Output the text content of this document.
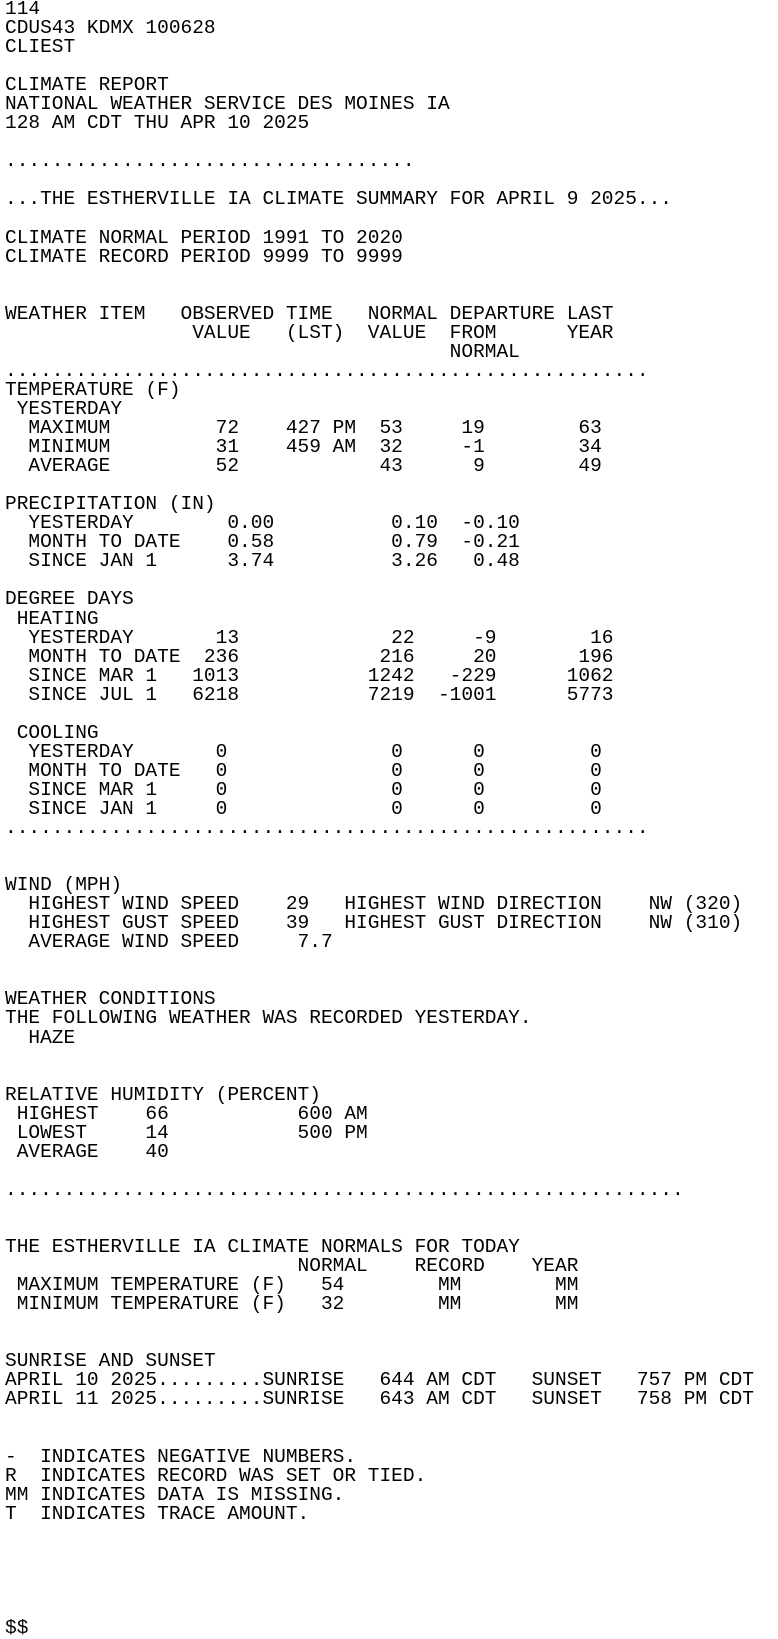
114
CDUS43 KDMX 100628
CLIEST
CLIMATE REPORT
NATIONAL WEATHER SERVICE DES MOINES IA
128 AM CDT THU APR 10 2025
...................................
...THE ESTHERVILLE IA CLIMATE SUMMARY FOR APRIL 9 2025...
CLIMATE NORMAL PERIOD 1991 TO 2020
CLIMATE RECORD PERIOD 9999 TO 9999
WEATHER ITEM   OBSERVED TIME   NORMAL DEPARTURE LAST
VALUE   (LST)  VALUE  FROM      YEAR
NORMAL
.......................................................
TEMPERATURE (F)
YESTERDAY
MAXIMUM         72    427 PM  53     19        63
MINIMUM         31    459 AM  32     -1        34
AVERAGE         52            43      9        49
PRECIPITATION (IN)
YESTERDAY        0.00          0.10  -0.10
MONTH TO DATE    0.58          0.79  -0.21
SINCE JAN 1      3.74          3.26   0.48
DEGREE DAYS
HEATING
YESTERDAY       13             22     -9        16
MONTH TO DATE  236            216     20       196
SINCE MAR 1   1013           1242   -229      1062
SINCE JUL 1   6218           7219  -1001      5773
COOLING
YESTERDAY       0              0      0         0
MONTH TO DATE   0              0      0         0
SINCE MAR 1     0              0      0         0
SINCE JAN 1     0              0      0         0
.......................................................
WIND (MPH)
HIGHEST WIND SPEED    29   HIGHEST WIND DIRECTION    NW (320)
HIGHEST GUST SPEED    39   HIGHEST GUST DIRECTION    NW (310)
AVERAGE WIND SPEED     7.7
WEATHER CONDITIONS
THE FOLLOWING WEATHER WAS RECORDED YESTERDAY.
HAZE
RELATIVE HUMIDITY (PERCENT)
HIGHEST    66           600 AM
LOWEST     14           500 PM
AVERAGE    40
..........................................................
THE ESTHERVILLE IA CLIMATE NORMALS FOR TODAY
NORMAL    RECORD    YEAR
MAXIMUM TEMPERATURE (F)   54        MM        MM
MINIMUM TEMPERATURE (F)   32        MM        MM
SUNRISE AND SUNSET
APRIL 10 2025.........SUNRISE   644 AM CDT   SUNSET   757 PM CDT
APRIL 11 2025.........SUNRISE   643 AM CDT   SUNSET   758 PM CDT
-  INDICATES NEGATIVE NUMBERS.
R  INDICATES RECORD WAS SET OR TIED.
MM INDICATES DATA IS MISSING.
T  INDICATES TRACE AMOUNT.
$$
